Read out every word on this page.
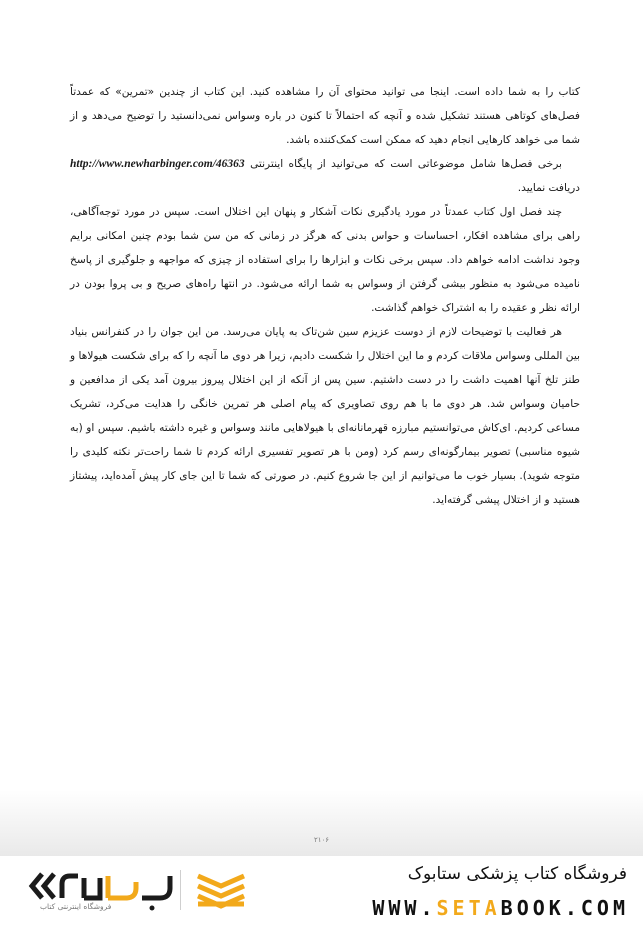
کتاب را به شما داده است. اینجا می توانید محتوای آن را مشاهده کنید. این کتاب از چندین «تمرین» که عمدتاً فصل‌های کوتاهی هستند تشکیل شده و آنچه که احتمالاً تا کنون در باره وسواس نمی‌دانستید را توضیح می‌دهد و از شما می خواهد کارهایی انجام دهید که ممکن است کمک‌کننده باشد.

برخی فصل‌ها شامل موضوعاتی است که می‌توانید از پایگاه اینترنتی http://www.newharbinger.com/46363 دریافت نمایید.

چند فصل اول کتاب عمدتاً در مورد یادگیری نکات آشکار و پنهان این اختلال است. سپس در مورد توجه‌آگاهی، راهی برای مشاهده افکار، احساسات و حواس بدنی که هرگز در زمانی که من سن شما بودم چنین امکانی برایم وجود نداشت ادامه خواهم داد. سپس برخی نکات و ابزارها را برای استفاده از چیزی که مواجهه و جلوگیری از پاسخ نامیده می‌شود به منظور بیشی گرفتن از وسواس به شما ارائه می‌شود. در انتها راه‌های صریح و بی پروا بودن در ارائه نظر و عقیده را به اشتراک خواهم گذاشت.

هر فعالیت با توضیحات لازم از دوست عزیزم سین شن‌تاک به پایان می‌رسد. من این جوان را در کنفرانس بنیاد بین المللی وسواس ملاقات کردم و ما این اختلال را شکست دادیم، زیرا هر دوی ما آنچه را که برای شکست هیولاها و طنز تلخ آنها اهمیت داشت را در دست داشتیم. سین پس از آنکه از این اختلال پیروز بیرون آمد یکی از مدافعین و حامیان وسواس شد. هر دوی ما با هم روی تصاویری که پیام اصلی هر تمرین خانگی را هدایت می‌کرد، تشریک مساعی کردیم. ای‌کاش می‌توانستیم مبارزه قهرمانانه‌ای با هیولاهایی مانند وسواس و غیره داشته باشیم. سپس او (به شیوه مناسبی) تصویر بیمارگونه‌ای رسم کرد (ومن با هر تصویر تفسیری ارائه کردم تا شما راحت‌تر نکته کلیدی را متوجه شوید). بسیار خوب ما می‌توانیم از این جا شروع کنیم. در صورتی که شما تا این جای کار پیش آمده‌اید، پیشتاز هستید و از اختلال پیشی گرفته‌اید.

۲۱۰۶
فروشگاه اینترنتی کتاب
فروشگاه کتاب پزشکی ستابوک
WWW.SETABOOK.COM
